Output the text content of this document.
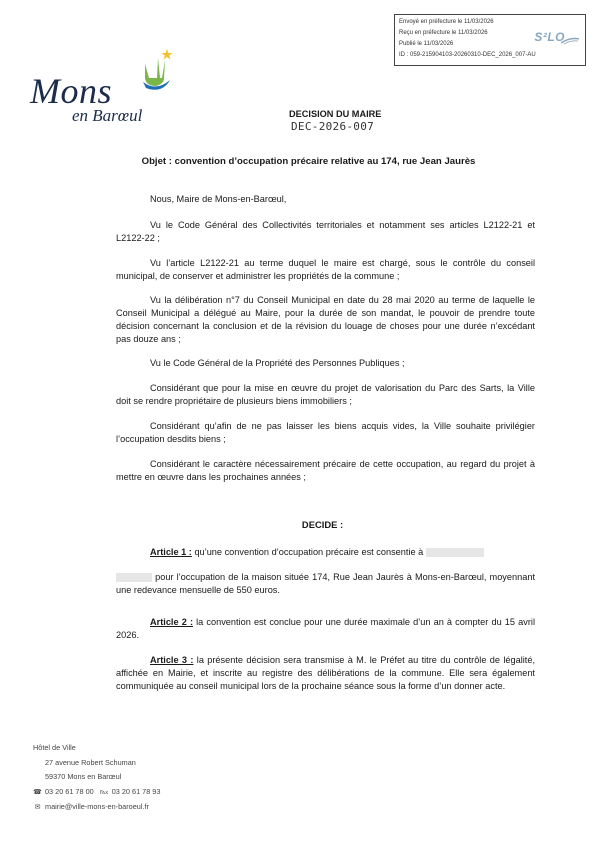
Envoyé en préfecture le 11/03/2026
Reçu en préfecture le 11/03/2026
Publié le 11/03/2026
ID : 059-215904103-20260310-DEC_2026_007-AU
S²LO
Mons
en Barœul	DECISION DU MAIRE
DEC-2026-007
Objet : convention d’occupation précaire relative au 174, rue Jean Jaurès
Nous, Maire de Mons-en-Barœul,
Vu le Code Général des Collectivités territoriales et notamment ses articles L2122-21 et L2122-22 ;
Vu l’article L2122-21 au terme duquel le maire est chargé, sous le contrôle du conseil municipal, de conserver et administrer les propriétés de la commune ;
Vu la délibération n°7 du Conseil Municipal en date du 28 mai 2020 au terme de laquelle le Conseil Municipal a délégué au Maire, pour la durée de son mandat, le pouvoir de prendre toute décision concernant la conclusion et de la révision du louage de choses pour une durée n’excédant pas douze ans ;
Vu le Code Général de la Propriété des Personnes Publiques ;
Considérant que pour la mise en œuvre du projet de valorisation du Parc des Sarts, la Ville doit se rendre propriétaire de plusieurs biens immobiliers ;
Considérant qu’afin de ne pas laisser les biens acquis vides, la Ville souhaite privilégier l’occupation desdits biens ;
Considérant le caractère nécessairement précaire de cette occupation, au regard du projet à mettre en œuvre dans les prochaines années ;
DECIDE :
Article 1 : qu’une convention d’occupation précaire est consentie à
pour l’occupation de la maison située 174, Rue Jean Jaurès à Mons-en-Barœul, moyennant une redevance mensuelle de 550 euros.
Article 2 : la convention est conclue pour une durée maximale d’un an à compter du 15 avril 2026.
Article 3 : la présente décision sera transmise à M. le Préfet au titre du contrôle de légalité, affichée en Mairie, et inscrite au registre des délibérations de la commune. Elle sera également communiquée au conseil municipal lors de la prochaine séance sous la forme d’un donner acte.
Hôtel de Ville
27 avenue Robert Schuman
59370 Mons en Barœul
☎ 03 20 61 78 00 ℻ 03 20 61 78 93
✉ mairie@ville-mons-en-baroeul.fr
